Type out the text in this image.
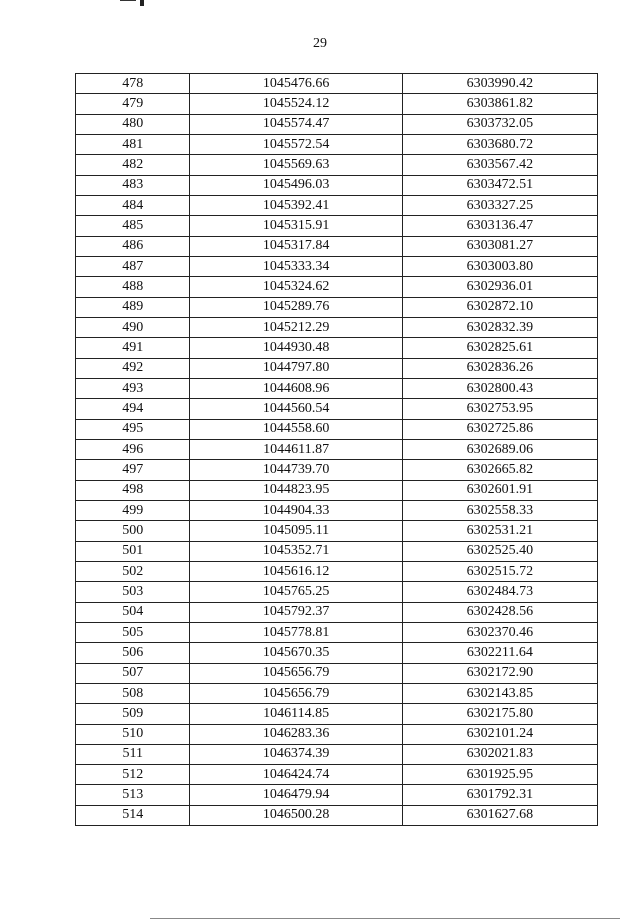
29
478	1045476.66	6303990.42
479	1045524.12	6303861.82
480	1045574.47	6303732.05
481	1045572.54	6303680.72
482	1045569.63	6303567.42
483	1045496.03	6303472.51
484	1045392.41	6303327.25
485	1045315.91	6303136.47
486	1045317.84	6303081.27
487	1045333.34	6303003.80
488	1045324.62	6302936.01
489	1045289.76	6302872.10
490	1045212.29	6302832.39
491	1044930.48	6302825.61
492	1044797.80	6302836.26
493	1044608.96	6302800.43
494	1044560.54	6302753.95
495	1044558.60	6302725.86
496	1044611.87	6302689.06
497	1044739.70	6302665.82
498	1044823.95	6302601.91
499	1044904.33	6302558.33
500	1045095.11	6302531.21
501	1045352.71	6302525.40
502	1045616.12	6302515.72
503	1045765.25	6302484.73
504	1045792.37	6302428.56
505	1045778.81	6302370.46
506	1045670.35	6302211.64
507	1045656.79	6302172.90
508	1045656.79	6302143.85
509	1046114.85	6302175.80
510	1046283.36	6302101.24
511	1046374.39	6302021.83
512	1046424.74	6301925.95
513	1046479.94	6301792.31
514	1046500.28	6301627.68
